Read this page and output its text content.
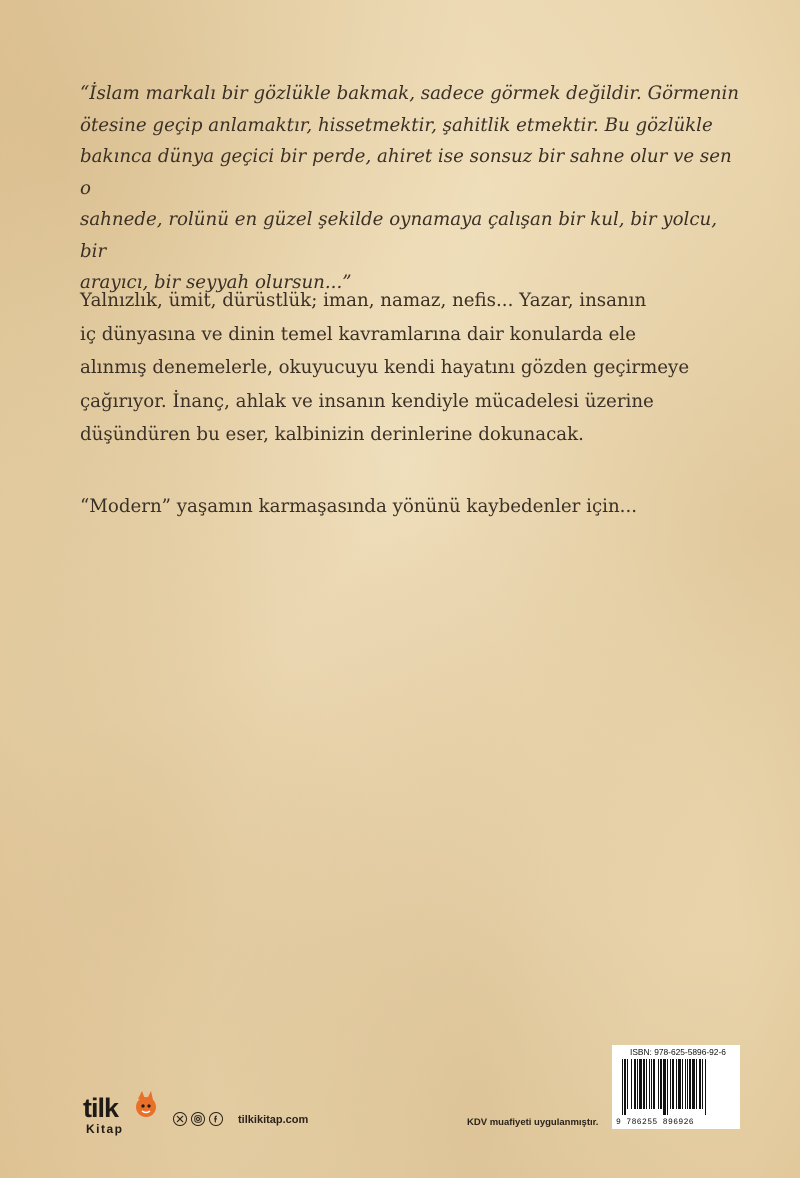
“İslam markalı bir gözlükle bakmak, sadece görmek değildir. Görmenin
ötesine geçip anlamaktır, hissetmektir, şahitlik etmektir. Bu gözlükle
bakınca dünya geçici bir perde, ahiret ise sonsuz bir sahne olur ve sen o
sahnede, rolünü en güzel şekilde oynamaya çalışan bir kul, bir yolcu, bir
arayıcı, bir seyyah olursun...”

Yalnızlık, ümit, dürüstlük; iman, namaz, nefis... Yazar, insanın
iç dünyasına ve dinin temel kavramlarına dair konularda ele
alınmış denemelerle, okuyucuyu kendi hayatını gözden geçirmeye
çağırıyor. İnanç, ahlak ve insanın kendiyle mücadelesi üzerine
düşündüren bu eser, kalbinizin derinlerine dokunacak.

“Modern” yaşamın karmaşasında yönünü kaybedenler için...

tilk
Kitap
tilkikitap.com	KDV muafiyeti uygulanmıştır.
ISBN: 978-625-5896-92-6
9 786255 896926
